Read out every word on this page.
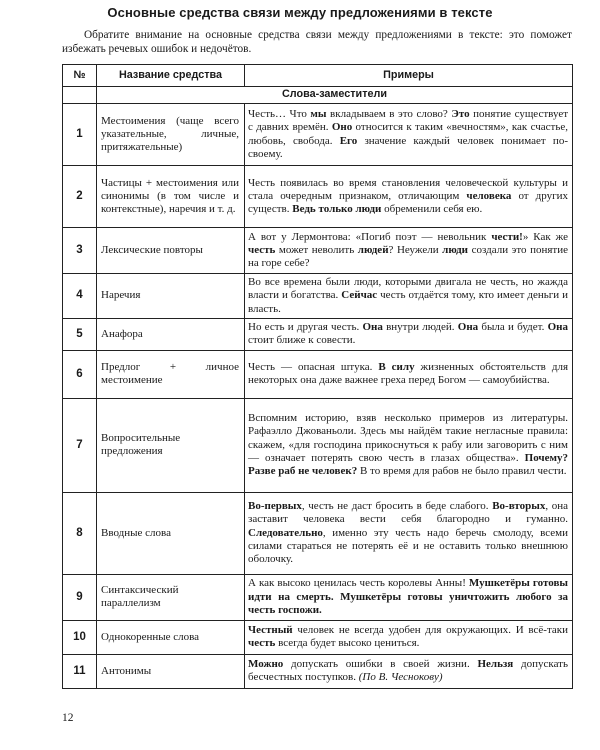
Основные средства связи между предложениями в тексте
Обратите внимание на основные средства связи между предложениями в тексте: это поможет избежать речевых ошибок и недочётов.
№	Название средства	Примеры
	Слова-заместители	
1	Местоимения (чаще всего указательные, личные, притяжательные)	Честь… Что мы вкладываем в это слово? Это понятие существует с давних времён. Оно относится к таким «вечностям», как счастье, любовь, свобода. Его значение каждый человек понимает по-своему.
2	Частицы + местоимения или синонимы (в том числе и контекстные), наречия и т. д.	Честь появилась во время становления человеческой культуры и стала очередным признаком, отличающим человека от других существ. Ведь только люди обременили себя ею.
3	Лексические повторы	А вот у Лермонтова: «Погиб поэт — невольник чести!» Как же честь может неволить людей? Неужели люди создали это понятие на горе себе?
4	Наречия	Во все времена были люди, которыми двигала не честь, но жажда власти и богатства. Сейчас честь отдаётся тому, кто имеет деньги и власть.
5	Анафора	Но есть и другая честь. Она внутри людей. Она была и будет. Она стоит ближе к совести.
6	Предлог + личное местоимение	Честь — опасная штука. В силу жизненных обстоятельств для некоторых она даже важнее греха перед Богом — самоубийства.
7	Вопросительные предложения	Вспомним историю, взяв несколько примеров из литературы. Рафаэлло Джованьоли. Здесь мы найдём такие негласные правила: скажем, «для господина прикоснуться к рабу или заговорить с ним — означает потерять свою честь в глазах общества». Почему? Разве раб не человек? В то время для рабов не было правил чести.
8	Вводные слова	Во-первых, честь не даст бросить в беде слабого. Во-вторых, она заставит человека вести себя благородно и гуманно. Следовательно, именно эту честь надо беречь смолоду, всеми силами стараться не потерять её и не оставить только внешнюю оболочку.
9	Синтаксический параллелизм	А как высоко ценилась честь королевы Анны! Мушкетёры готовы идти на смерть. Мушкетёры готовы уничтожить любого за честь госпожи.
10	Однокоренные слова	Честный человек не всегда удобен для окружающих. И всё-таки честь всегда будет высоко цениться.
11	Антонимы	Можно допускать ошибки в своей жизни. Нельзя допускать бесчестных поступков. (По В. Чеснокову)
12
